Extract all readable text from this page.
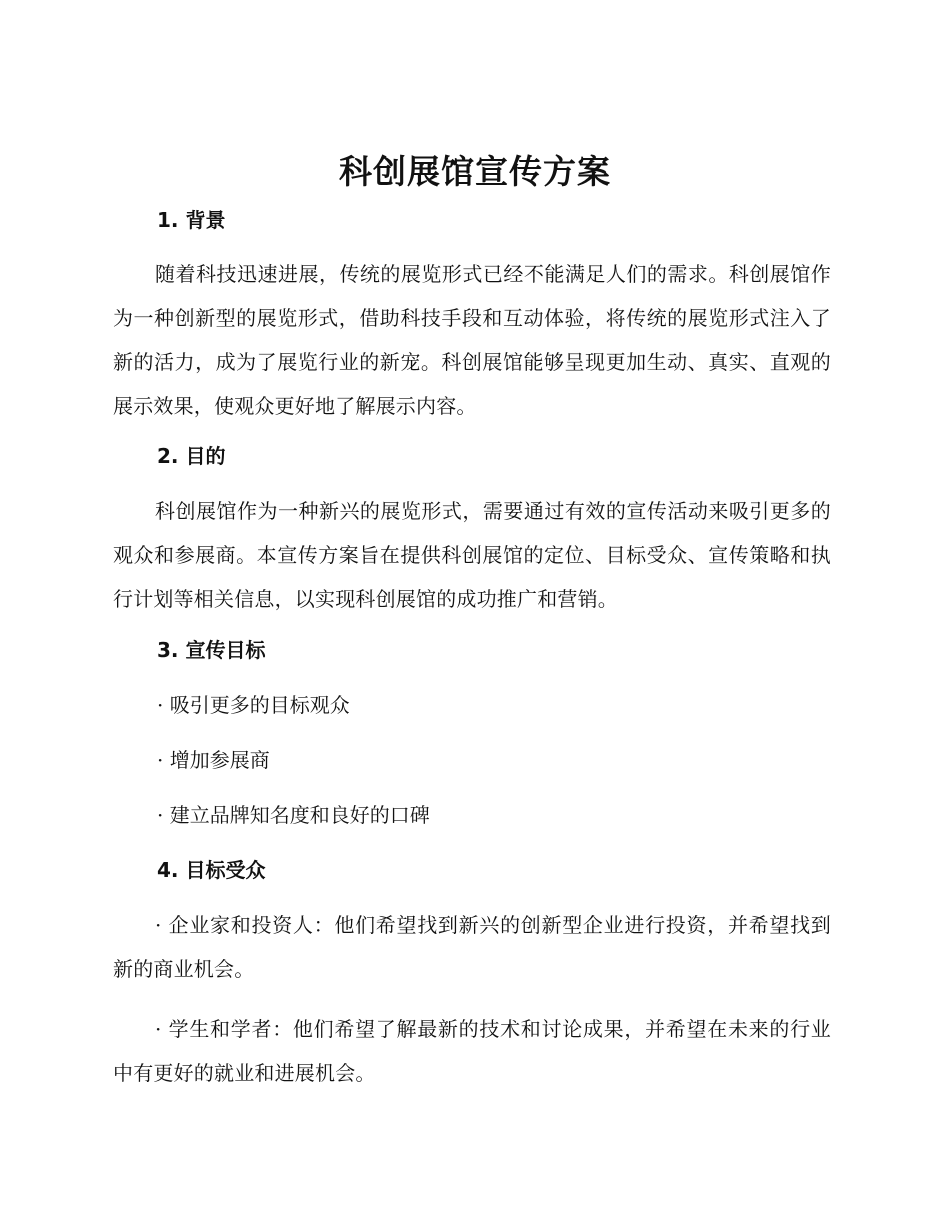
科创展馆宣传方案
1. 背景

随着科技迅速进展，传统的展览形式已经不能满足人们的需求。科创展馆作为一种创新型的展览形式，借助科技手段和互动体验，将传统的展览形式注入了新的活力，成为了展览行业的新宠。科创展馆能够呈现更加生动、真实、直观的展示效果，使观众更好地了解展示内容。

2. 目的

科创展馆作为一种新兴的展览形式，需要通过有效的宣传活动来吸引更多的观众和参展商。本宣传方案旨在提供科创展馆的定位、目标受众、宣传策略和执行计划等相关信息，以实现科创展馆的成功推广和营销。

3. 宣传目标

· 吸引更多的目标观众

· 增加参展商

· 建立品牌知名度和良好的口碑

4. 目标受众

· 企业家和投资人：他们希望找到新兴的创新型企业进行投资，并希望找到新的商业机会。

· 学生和学者：他们希望了解最新的技术和讨论成果，并希望在未来的行业中有更好的就业和进展机会。
